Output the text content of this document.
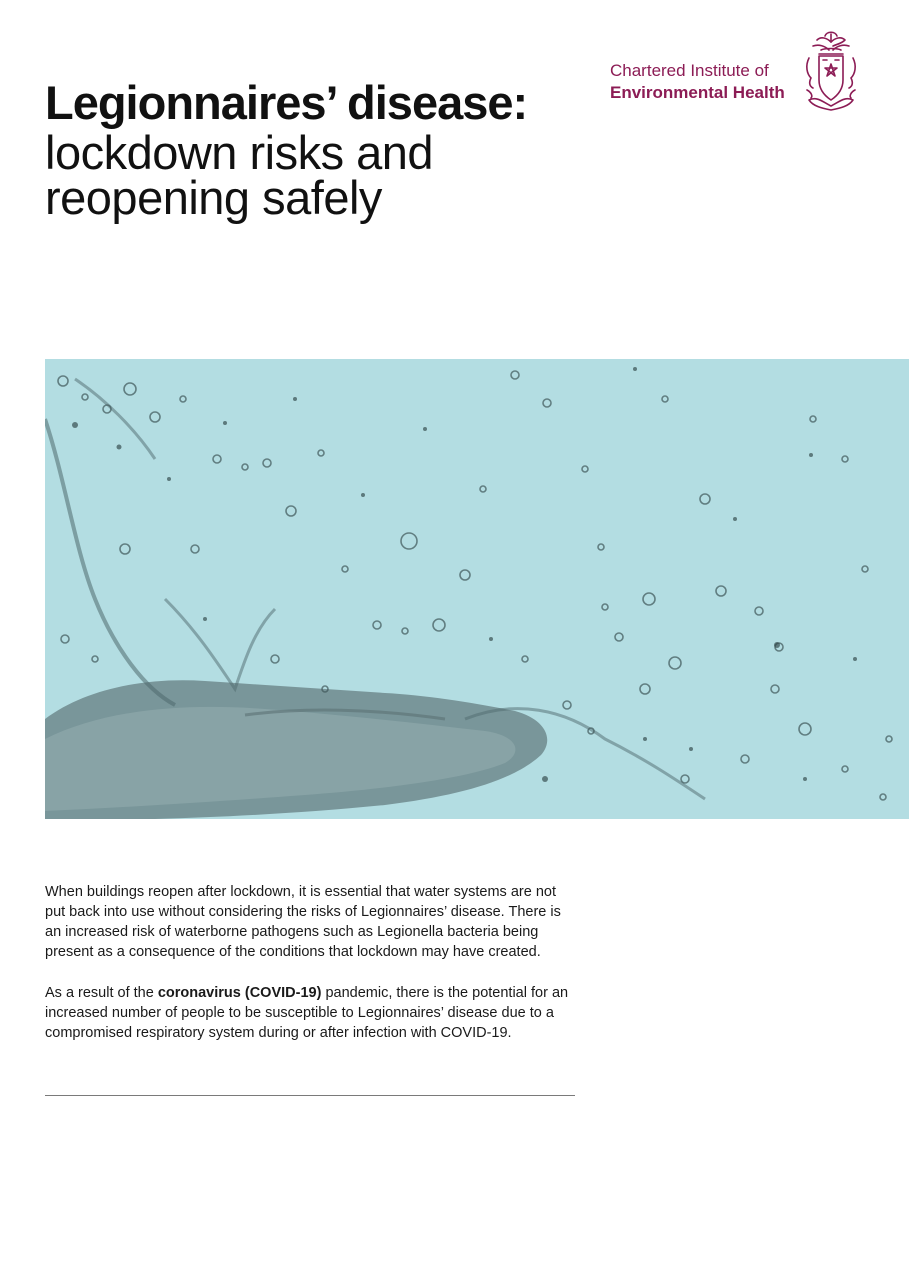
Chartered Institute of
Environmental Health
Legionnaires’ disease:
lockdown risks and
reopening safely

When buildings reopen after lockdown, it is essential that water systems are not put back into use without considering the risks of Legionnaires’ disease. There is an increased risk of waterborne pathogens such as Legionella bacteria being present as a consequence of the conditions that lockdown may have created.

As a result of the coronavirus (COVID-19) pandemic, there is the potential for an increased number of people to be susceptible to Legionnaires’ disease due to a compromised respiratory system during or after infection with COVID-19.
